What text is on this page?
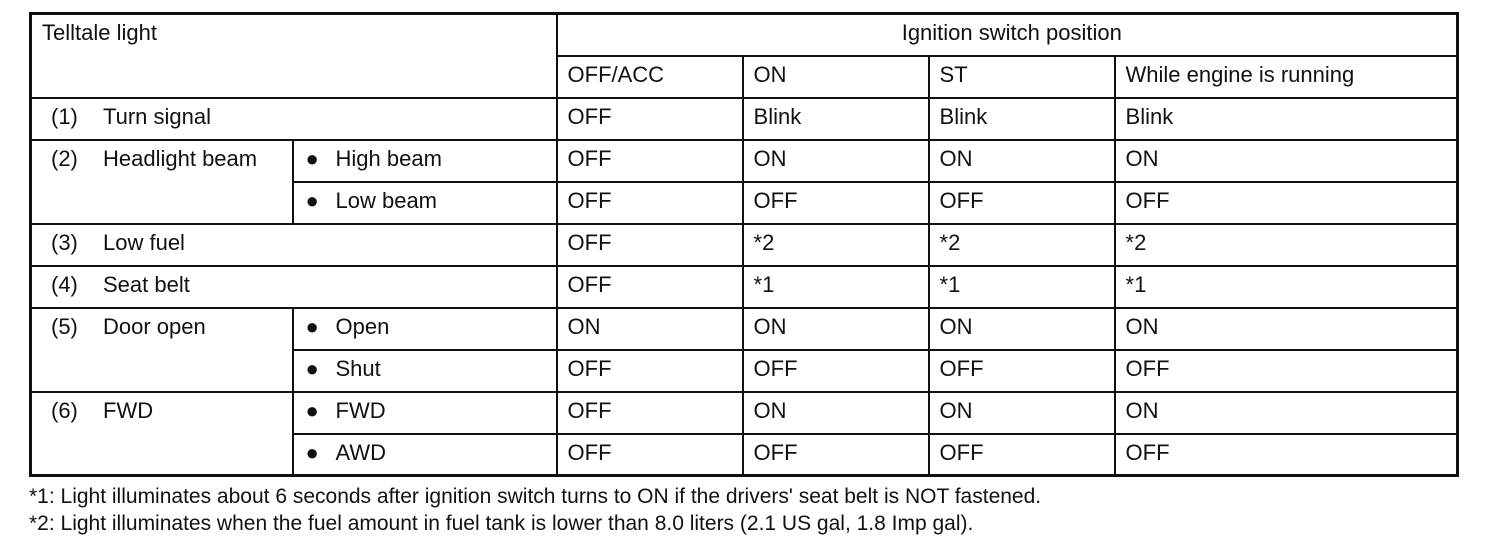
Telltale light		Ignition switch position			
		OFF/ACC	ON	ST	While engine is running
(1) Turn signal		OFF	Blink	Blink	Blink
(2) Headlight beam	● High beam	OFF	ON	ON	ON
	● Low beam	OFF	OFF	OFF	OFF
(3) Low fuel		OFF	*2	*2	*2
(4) Seat belt		OFF	*1	*1	*1
(5) Door open	● Open	ON	ON	ON	ON
	● Shut	OFF	OFF	OFF	OFF
(6) FWD	● FWD	OFF	ON	ON	ON
	● AWD	OFF	OFF	OFF	OFF
*1: Light illuminates about 6 seconds after ignition switch turns to ON if the drivers' seat belt is NOT fastened.
*2: Light illuminates when the fuel amount in fuel tank is lower than 8.0 liters (2.1 US gal, 1.8 Imp gal).
